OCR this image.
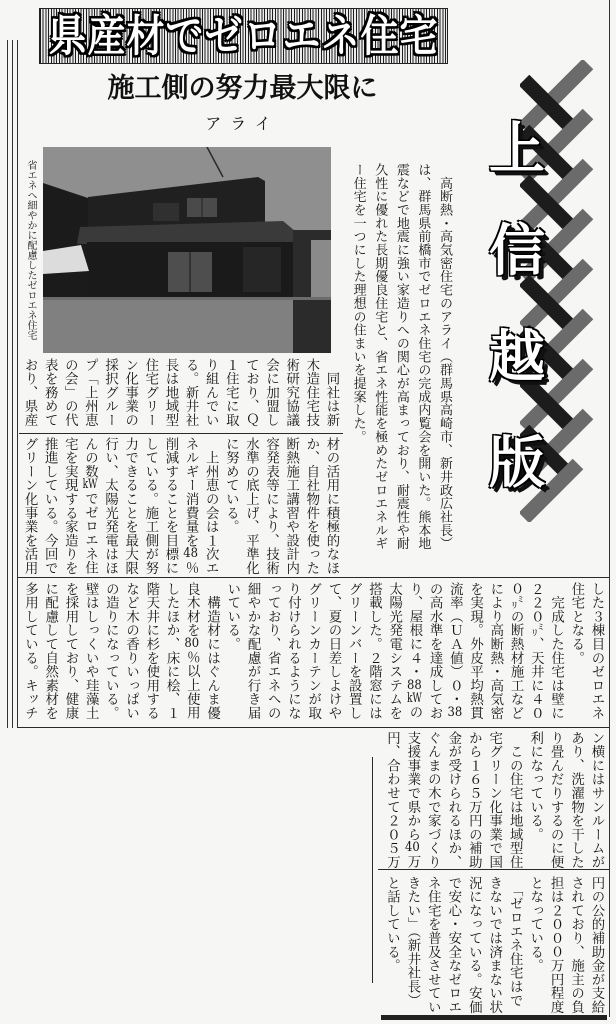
県産材でゼロエネ住宅
施工側の努力最大限に
アライ
省エネへ細やかに配慮したゼロエネ住宅	　高断熱・高気密住宅のアライ（群馬県高崎市、新井政広社長）
は、群馬県前橋市でゼロエネ住宅の完成内覧会を開いた。熊本地
震などで地震に強い家造りへの関心が高まっており、耐震性や耐
久性に優れた長期優良住宅と、省エネ性能を極めたゼロエネルギ
ー住宅を一つにした理想の住まいを提案した。
　同社は新
木造住宅技
術研究協議
会に加盟し
ており、Ｑ
１住宅に取
り組んでい
る。新井社
長は地域型
住宅グリー
ン化事業の
採択グルー
プ「上州恵
の会」の代
表を務めて
おり、県産
材の活用に積極的なほ
か、自社物件を使った
断熱施工講習や設計内
容発表等により、技術
水準の底上げ、平準化
に努めている。
　上州恵の会は１次エ
ネルギー消費量を48％
削減することを目標に
している。施工側が努
力できることを最大限
行い、太陽光発電はほ
んの数kWでゼロエネ住
宅を実現する家造りを
推進している。今回で
グリーン化事業を活用
した３棟目のゼロエネ
住宅となる。
　完成した住宅は壁に
２２０㍉、天井に４０
０㍉の断熱材施工など
により高断熱・高気密
を実現。外皮平均熱貫
流率（ＵＡ値）０・38
の高水準を達成してお
り、屋根に４・88kWの
太陽光発電システムを
搭載した。２階窓には
グリーンバーを設置し
て、夏の日差しよけや
グリーンカーテンが取
り付けられるようにな
っており、省エネへの
細やかな配慮が行き届
いている。
　構造材にはぐんま優
良木材を80％以上使用
したほか、床に桧、１
階天井に杉を使用する
など木の香りいっぱい
の造りになっている。
壁はしっくいや珪藻土
を採用しており、健康
に配慮して自然素材を
多用している。キッチ
ン横にはサンルームが
あり、洗濯物を干した
り畳んだりするのに便
利になっている。
　この住宅は地域型住
宅グリーン化事業で国
から１６５万円の補助
金が受けられるほか、
ぐんまの木で家づくり
支援事業で県から40万
円、合わせて２０５万
円の公的補助金が支給
されており、施主の負
担は２０００万円程度
となっている。
　「ゼロエネ住宅はで
きないでは済まない状
況になっている。安価
で安心・安全なゼロエ
ネ住宅を普及させてい
きたい」（新井社長）
と話している。
上
信
越
版
